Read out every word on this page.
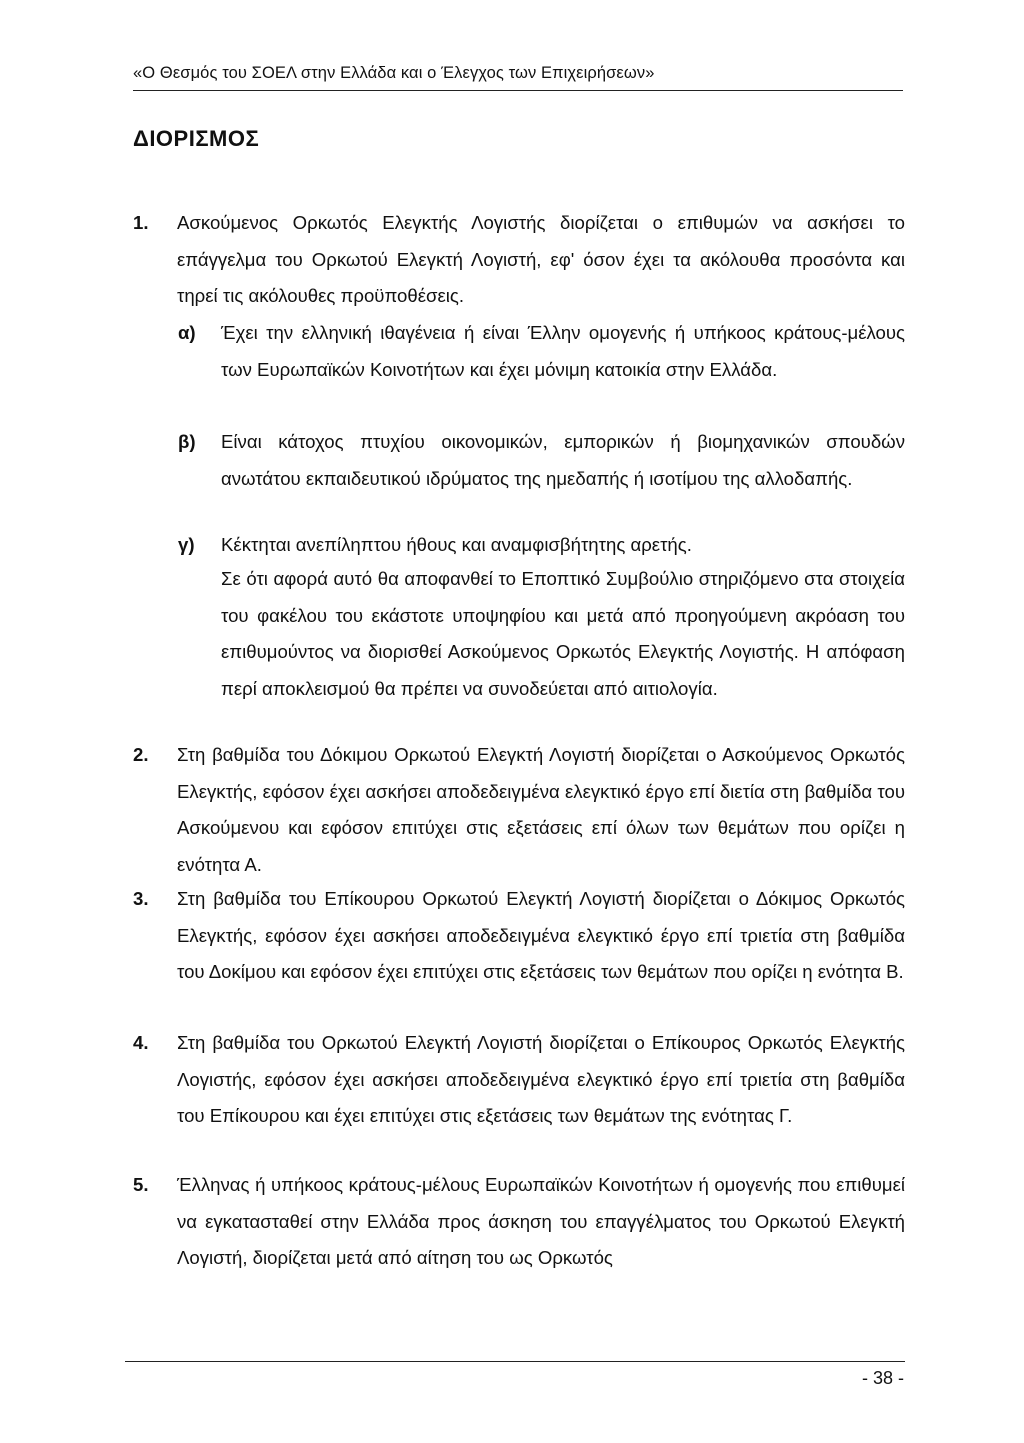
«Ο Θεσμός του ΣΟΕΛ στην Ελλάδα και ο Έλεγχος των Επιχειρήσεων»
ΔΙΟΡΙΣΜΟΣ
1. Ασκούμενος Ορκωτός Ελεγκτής Λογιστής διορίζεται ο επιθυμών να ασκήσει το επάγγελμα του Ορκωτού Ελεγκτή Λογιστή, εφ' όσον έχει τα ακόλουθα προσόντα και τηρεί τις ακόλουθες προϋποθέσεις.
α) Έχει την ελληνική ιθαγένεια ή είναι Έλλην ομογενής ή υπήκοος κράτους-μέλους των Ευρωπαϊκών Κοινοτήτων και έχει μόνιμη κατοικία στην Ελλάδα.
β) Είναι κάτοχος πτυχίου οικονομικών, εμπορικών ή βιομηχανικών σπουδών ανωτάτου εκπαιδευτικού ιδρύματος της ημεδαπής ή ισοτίμου της αλλοδαπής.
γ) Κέκτηται ανεπίληπτου ήθους και αναμφισβήτητης αρετής.
Σε ότι αφορά αυτό θα αποφανθεί το Εποπτικό Συμβούλιο στηριζόμενο στα στοιχεία του φακέλου του εκάστοτε υποψηφίου και μετά από προηγούμενη ακρόαση του επιθυμούντος να διορισθεί Ασκούμενος Ορκωτός Ελεγκτής Λογιστής. Η απόφαση περί αποκλεισμού θα πρέπει να συνοδεύεται από αιτιολογία.
2. Στη βαθμίδα του Δόκιμου Ορκωτού Ελεγκτή Λογιστή διορίζεται ο Ασκούμενος Ορκωτός Ελεγκτής, εφόσον έχει ασκήσει αποδεδειγμένα ελεγκτικό έργο επί διετία στη βαθμίδα του Ασκούμενου και εφόσον επιτύχει στις εξετάσεις επί όλων των θεμάτων που ορίζει η ενότητα Α.
3. Στη βαθμίδα του Επίκουρου Ορκωτού Ελεγκτή Λογιστή διορίζεται ο Δόκιμος Ορκωτός Ελεγκτής, εφόσον έχει ασκήσει αποδεδειγμένα ελεγκτικό έργο επί τριετία στη βαθμίδα του Δοκίμου και εφόσον έχει επιτύχει στις εξετάσεις των θεμάτων που ορίζει η ενότητα Β.
4. Στη βαθμίδα του Ορκωτού Ελεγκτή Λογιστή διορίζεται ο Επίκουρος Ορκωτός Ελεγκτής Λογιστής, εφόσον έχει ασκήσει αποδεδειγμένα ελεγκτικό έργο επί τριετία στη βαθμίδα του Επίκουρου και έχει επιτύχει στις εξετάσεις των θεμάτων της ενότητας Γ.
5. Έλληνας ή υπήκοος κράτους-μέλους Ευρωπαϊκών Κοινοτήτων ή ομογενής που επιθυμεί να εγκατασταθεί στην Ελλάδα προς άσκηση του επαγγέλματος του Ορκωτού Ελεγκτή Λογιστή, διορίζεται μετά από αίτηση του ως Ορκωτός
- 38 -
